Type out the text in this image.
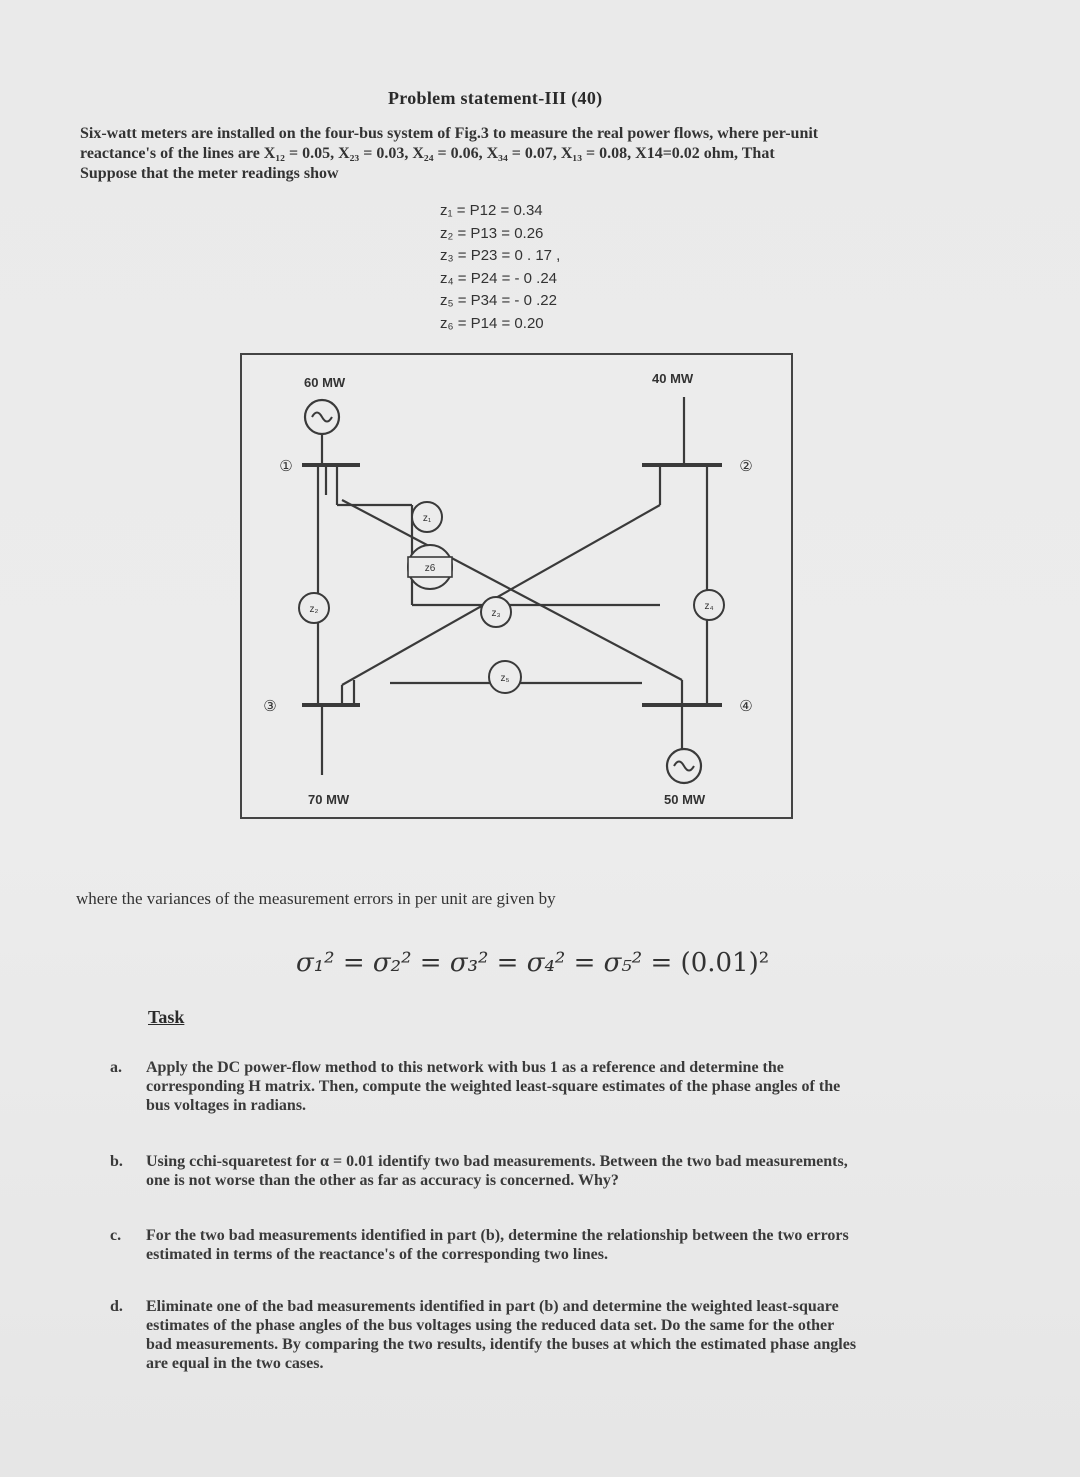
Problem statement-III (40)
Six-watt meters are installed on the four-bus system of Fig.3 to measure the real power flows, where per-unit
reactance's of the lines are X₁₂ = 0.05, X₂₃ = 0.03, X₂₄ = 0.06, X₃₄ = 0.07, X₁₃ = 0.08, X14=0.02 ohm, That
Suppose that the meter readings show
z₁ = P12 = 0.34
z₂ = P13 = 0.26
z₃ = P23 = 0 . 17 ,
z₄ = P24 = - 0 .24
z₅ = P34 = - 0 .22
z₆ = P14 = 0.20
z₁
z₂	z₃
z₄
z₅
z6
①	②
③	④
60 MW	40 MW
70 MW	50 MW
where the variances of the measurement errors in per unit are given by
σ₁² = σ₂² = σ₃² = σ₄² = σ₅² = (0.01)²
Task
a. Apply the DC power-flow method to this network with bus 1 as a reference and determine the
corresponding H matrix. Then, compute the weighted least-square estimates of the phase angles of the
bus voltages in radians.
b. Using cchi-squaretest for α = 0.01 identify two bad measurements. Between the two bad measurements,
one is not worse than the other as far as accuracy is concerned. Why?
c. For the two bad measurements identified in part (b), determine the relationship between the two errors
estimated in terms of the reactance's of the corresponding two lines.
d. Eliminate one of the bad measurements identified in part (b) and determine the weighted least-square
estimates of the phase angles of the bus voltages using the reduced data set. Do the same for the other
bad measurements. By comparing the two results, identify the buses at which the estimated phase angles
are equal in the two cases.
